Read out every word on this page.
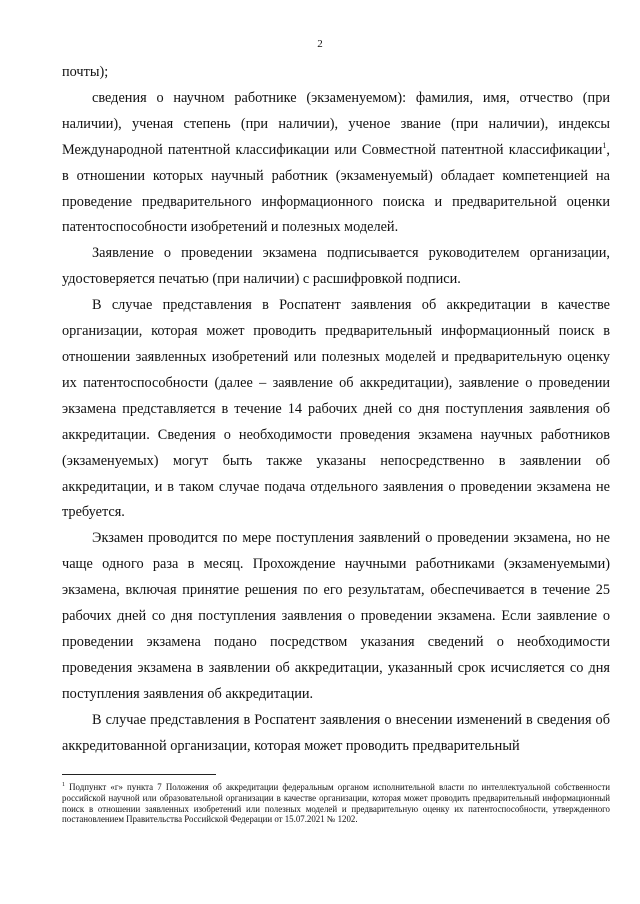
2

почты);

сведения о научном работнике (экзаменуемом): фамилия, имя, отчество (при наличии), ученая степень (при наличии), ученое звание (при наличии), индексы Международной патентной классификации или Совместной патентной классификации$^1$, в отношении которых научный работник (экзаменуемый) обладает компетенцией на проведение предварительного информационного поиска и предварительной оценки патентоспособности изобретений и полезных моделей.

Заявление о проведении экзамена подписывается руководителем организации, удостоверяется печатью (при наличии) с расшифровкой подписи.

В случае представления в Роспатент заявления об аккредитации в качестве организации, которая может проводить предварительный информационный поиск в отношении заявленных изобретений или полезных моделей и предварительную оценку их патентоспособности (далее – заявление об аккредитации), заявление о проведении экзамена представляется в течение 14 рабочих дней со дня поступления заявления об аккредитации. Сведения о необходимости проведения экзамена научных работников (экзаменуемых) могут быть также указаны непосредственно в заявлении об аккредитации, и в таком случае подача отдельного заявления о проведении экзамена не требуется.

Экзамен проводится по мере поступления заявлений о проведении экзамена, но не чаще одного раза в месяц. Прохождение научными работниками (экзаменуемыми) экзамена, включая принятие решения по его результатам, обеспечивается в течение 25 рабочих дней со дня поступления заявления о проведении экзамена. Если заявление о проведении экзамена подано посредством указания сведений о необходимости проведения экзамена в заявлении об аккредитации, указанный срок исчисляется со дня поступления заявления об аккредитации.

В случае представления в Роспатент заявления о внесении изменений в сведения об аккредитованной организации, которая может проводить предварительный

$^1$ Подпункт «г» пункта 7 Положения об аккредитации федеральным органом исполнительной власти по интеллектуальной собственности российской научной или образовательной организации в качестве организации, которая может проводить предварительный информационный поиск в отношении заявленных изобретений или полезных моделей и предварительную оценку их патентоспособности, утвержденного постановлением Правительства Российской Федерации от 15.07.2021 № 1202.
